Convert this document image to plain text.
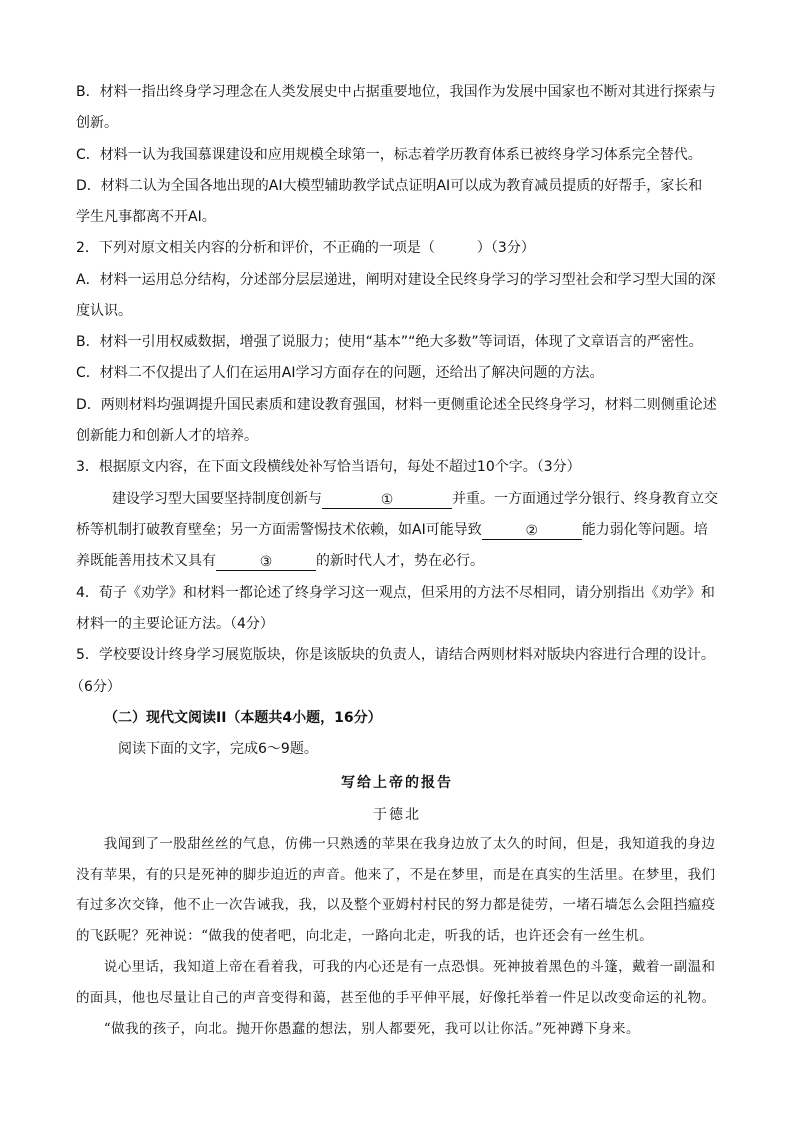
B．材料一指出终身学习理念在人类发展史中占据重要地位，我国作为发展中国家也不断对其进行探索与
创新。
C．材料一认为我国慕课建设和应用规模全球第一，标志着学历教育体系已被终身学习体系完全替代。
D．材料二认为全国各地出现的AI大模型辅助教学试点证明AI可以成为教育减员提质的好帮手，家长和
学生凡事都离不开AI。
2．下列对原文相关内容的分析和评价，不正确的一项是（　　　）（3分）
A．材料一运用总分结构，分述部分层层递进，阐明对建设全民终身学习的学习型社会和学习型大国的深
度认识。
B．材料一引用权威数据，增强了说服力；使用“基本”“绝大多数”等词语，体现了文章语言的严密性。
C．材料二不仅提出了人们在运用AI学习方面存在的问题，还给出了解决问题的方法。
D．两则材料均强调提升国民素质和建设教育强国，材料一更侧重论述全民终身学习，材料二则侧重论述
创新能力和创新人才的培养。
3．根据原文内容，在下面文段横线处补写恰当语句，每处不超过10个字。（3分）
建设学习型大国要坚持制度创新与	①	并重。一方面通过学分银行、终身教育立交
桥等机制打破教育壁垒；另一方面需警惕技术依赖，如AI可能导致	②	能力弱化等问题。培
养既能善用技术又具有	③	的新时代人才，势在必行。
4．荀子《劝学》和材料一都论述了终身学习这一观点，但采用的方法不尽相同，请分别指出《劝学》和
材料一的主要论证方法。（4分）
5．学校要设计终身学习展览版块，你是该版块的负责人，请结合两则材料对版块内容进行合理的设计。
（6分）
（二）现代文阅读II（本题共4小题，16分）
阅读下面的文字，完成6～9题。
写给上帝的报告
于德北
　　我闻到了一股甜丝丝的气息，仿佛一只熟透的苹果在我身边放了太久的时间，但是，我知道我的身边
没有苹果，有的只是死神的脚步迫近的声音。他来了，不是在梦里，而是在真实的生活里。在梦里，我们
有过多次交锋，他不止一次告诫我，我，以及整个亚姆村村民的努力都是徒劳，一堵石墙怎么会阻挡瘟疫
的飞跃呢？死神说：“做我的使者吧，向北走，一路向北走，听我的话，也许还会有一丝生机。
　　说心里话，我知道上帝在看着我，可我的内心还是有一点恐惧。死神披着黑色的斗篷，戴着一副温和
的面具，他也尽量让自己的声音变得和蔼，甚至他的手平伸平展，好像托举着一件足以改变命运的礼物。
　　“做我的孩子，向北。抛开你愚蠢的想法，别人都要死，我可以让你活。”死神蹲下身来。
